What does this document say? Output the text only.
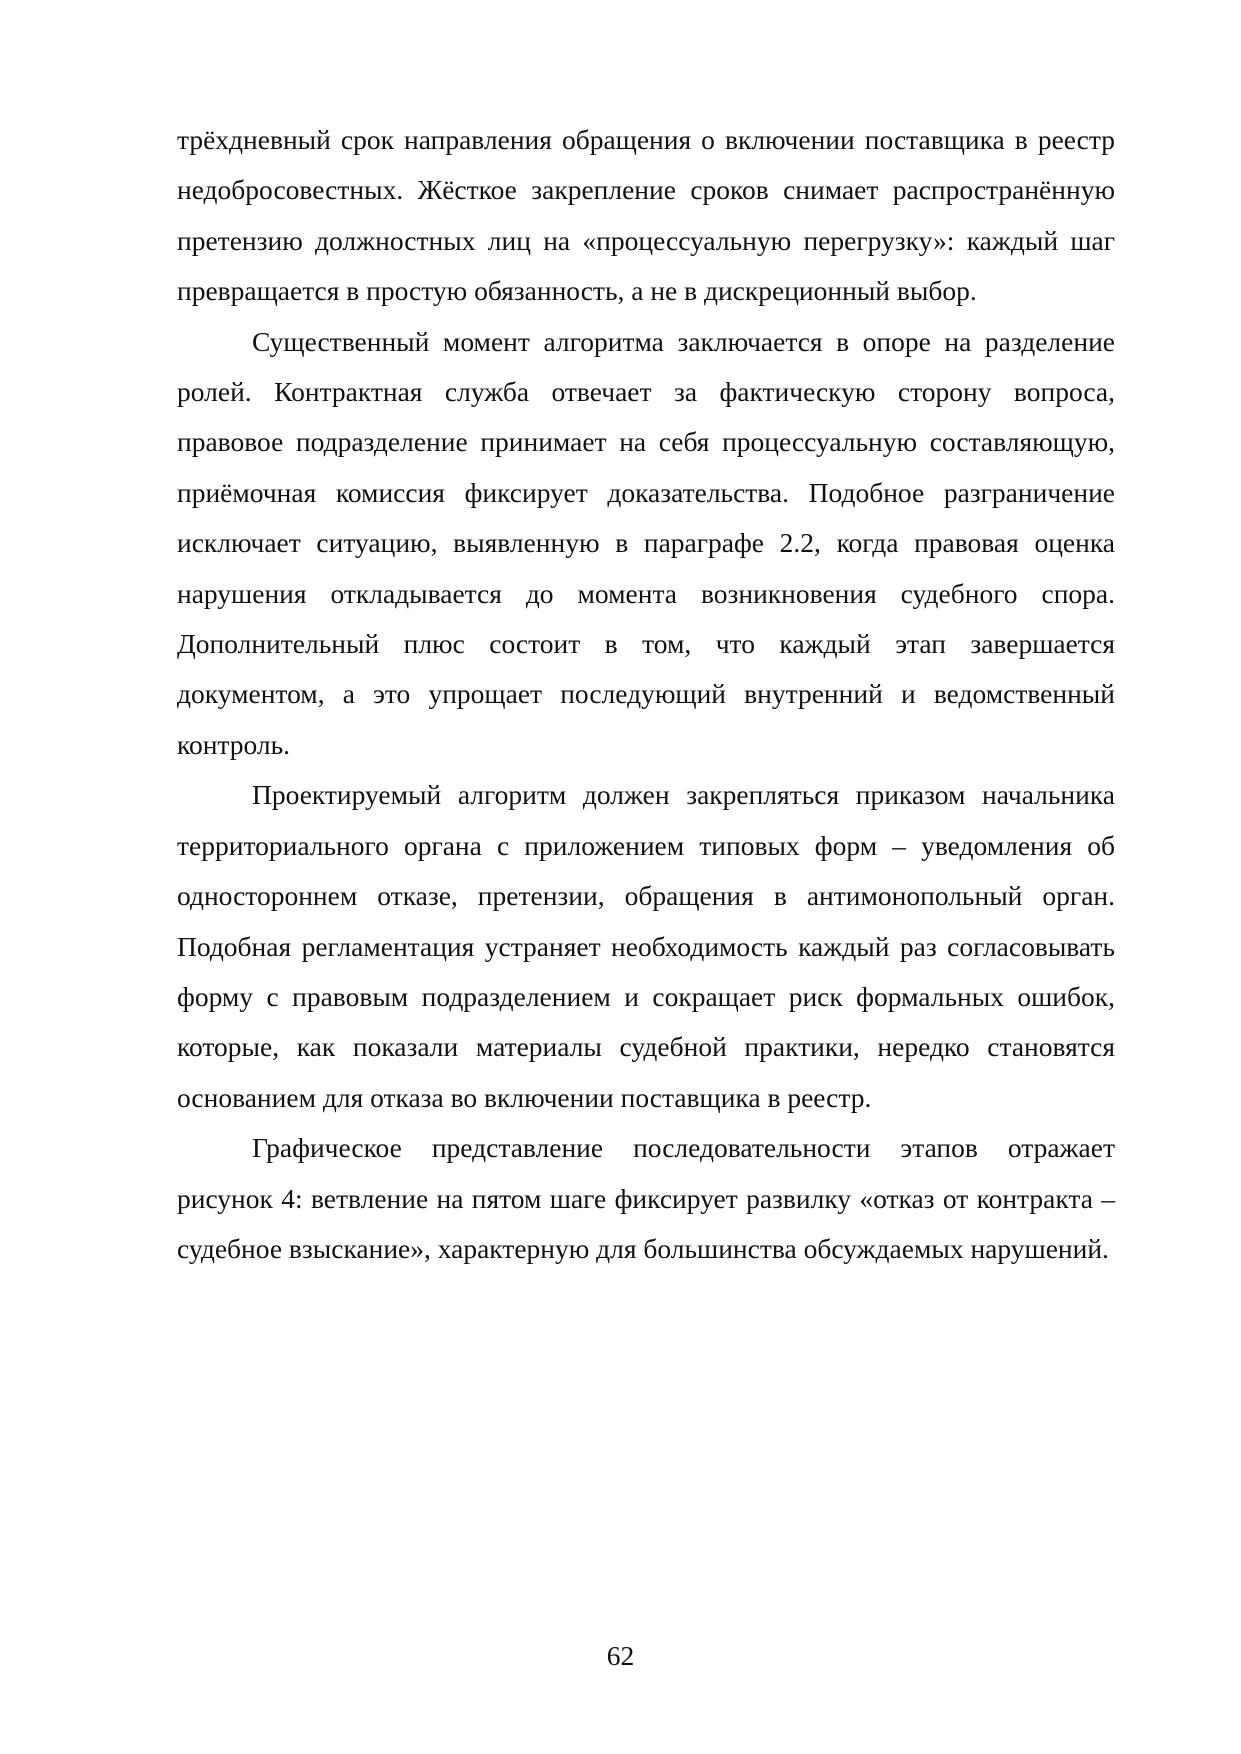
трёхдневный срок направления обращения о включении поставщика в реестр недобросовестных. Жёсткое закрепление сроков снимает распространённую претензию должностных лиц на «процессуальную перегрузку»: каждый шаг превращается в простую обязанность, а не в дискреционный выбор.

Существенный момент алгоритма заключается в опоре на разделение ролей. Контрактная служба отвечает за фактическую сторону вопроса, правовое подразделение принимает на себя процессуальную составляющую, приёмочная комиссия фиксирует доказательства. Подобное разграничение исключает ситуацию, выявленную в параграфе 2.2, когда правовая оценка нарушения откладывается до момента возникновения судебного спора. Дополнительный плюс состоит в том, что каждый этап завершается документом, а это упрощает последующий внутренний и ведомственный контроль.

Проектируемый алгоритм должен закрепляться приказом начальника территориального органа с приложением типовых форм – уведомления об одностороннем отказе, претензии, обращения в антимонопольный орган. Подобная регламентация устраняет необходимость каждый раз согласовывать форму с правовым подразделением и сокращает риск формальных ошибок, которые, как показали материалы судебной практики, нередко становятся основанием для отказа во включении поставщика в реестр.

Графическое представление последовательности этапов отражает рисунок 4: ветвление на пятом шаге фиксирует развилку «отказ от контракта – судебное взыскание», характерную для большинства обсуждаемых нарушений.

62
